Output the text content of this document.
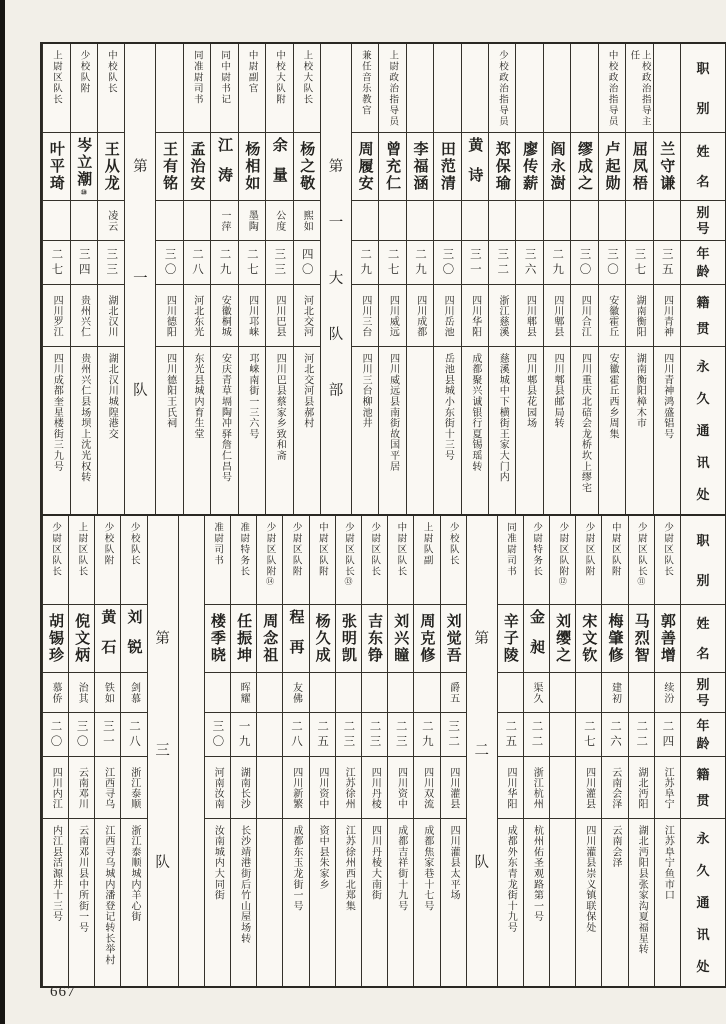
职
别
姓
名
别
号
年
龄
籍
贯
永
久
通
讯
处
兰守谦
三五
四川青神
四川青神鸿盛锠号
上校政治指导主任
屈凤梧
三七
湖南衡阳
湖南衡阳樟木市
中校政治指导员
卢起勋
三〇
安徽霍丘
安徽霍丘西乡周集
缪成之
三〇
四川合江
四川重庆北碚会龙桥坎上缪宅
阎永澍
二九
四川郫县
四川郫县邮局转
廖传薪
三六
四川郫县
四川郫县花园场
少校政治指导员
郑保瑜
三二
浙江慈溪
慈溪城中下横街王家大门内
黄诗
三一
四川华阳
成都聚兴诚银行夏锡瑶转
田范清
三〇
四川岳池
岳池县城小东街十三号
李福涵
二九
四川成都
上尉政治指导员
曾充仁
二七
四川威远
四川威远县南街故国平居
兼任音乐教官
周履安
二九
四川三台
四川三台柳池井
第
一
大
队
部
上校大队长
杨之敬
熙如
四〇
河北交河
河北交河县郝村
中校大队附
余量
公度
三三
四川巴县
四川巴县蔡家乡致和斋
中尉副官
杨相如
墨陶
二七
四川邛崃
邛崃南街一三六号
同中尉书记
江涛
一萍
二九
安徽桐城
安庆青草塥陶冲驿詹仁昌号
同准尉司书
孟治安
二八
河北东光
东光县城内育生堂
王有铭
三〇
四川德阳
四川德阳王氏祠
第
一
队
中校队长
王从龙
凌云
三三
湖北汉川
湖北汉川城隍港交
少校队附
岑立潮⑩
三四
贵州兴仁
贵州兴仁县场坝上沈光权转
上尉区队长
叶平琦
二七
四川罗江
四川成都奎星楼街三九号
职
别
姓
名
别
号
年
龄
籍
贯
永
久
通
讯
处
少尉区队长
郭善增
续汾
二四
江苏阜宁
江苏阜宁鱼市口
少尉区队长⑪
马烈智
二二
湖北沔阳
湖北沔阳县张家沟夏福星转
中尉区队附
梅肇修
建初
二六
云南会泽
云南会泽
少尉区队附
宋文钦
二七
四川灌县
四川灌县崇义镇联保处
少尉区队附⑫
刘缨之
少尉特务长
金昶
渠久
二二
浙江杭州
杭州佑圣观路第一号
同准尉司书
辛子陵
二五
四川华阳
成都外东青龙街十九号
第
二
队
少校队长
刘觉吾
爵五
三二
四川灌县
四川灌县太平场
上尉队副
周克修
二九
四川双流
成都焦家巷十七号
中尉区队长
刘兴瞳
二三
四川资中
成都吉祥街十九号
少尉区队长
吉东铮
二三
四川丹棱
四川丹棱大南街
少尉区队长⑬
张明凯
二三
江苏徐州
江苏徐州西北郑集
中尉区队附
杨久成
二五
四川资中
资中县朱家乡
少尉区队附
程再
友佛
二八
四川新繁
成都东玉龙街一号
少尉区队附⑭
周念祖
准尉特务长
任振坤
晖耀
一九
湖南长沙
长沙靖港街后竹山屋场转
准尉司书
楼季晓
三〇
河南汝南
汝南城内大同街
第
三
队
少校队长
刘锐
剑慕
二八
浙江泰顺
浙江泰顺城内羊心街
少校队附
黄石
铁如
三一
江西寻乌
江西寻乌城内潘登记转长举村
上尉区队长
倪文炳
治其
三〇
云南邓川
云南邓川县中所街一号
少尉区队长
胡锡珍
慕侨
二〇
四川内江
内江县活源井十三号
667
